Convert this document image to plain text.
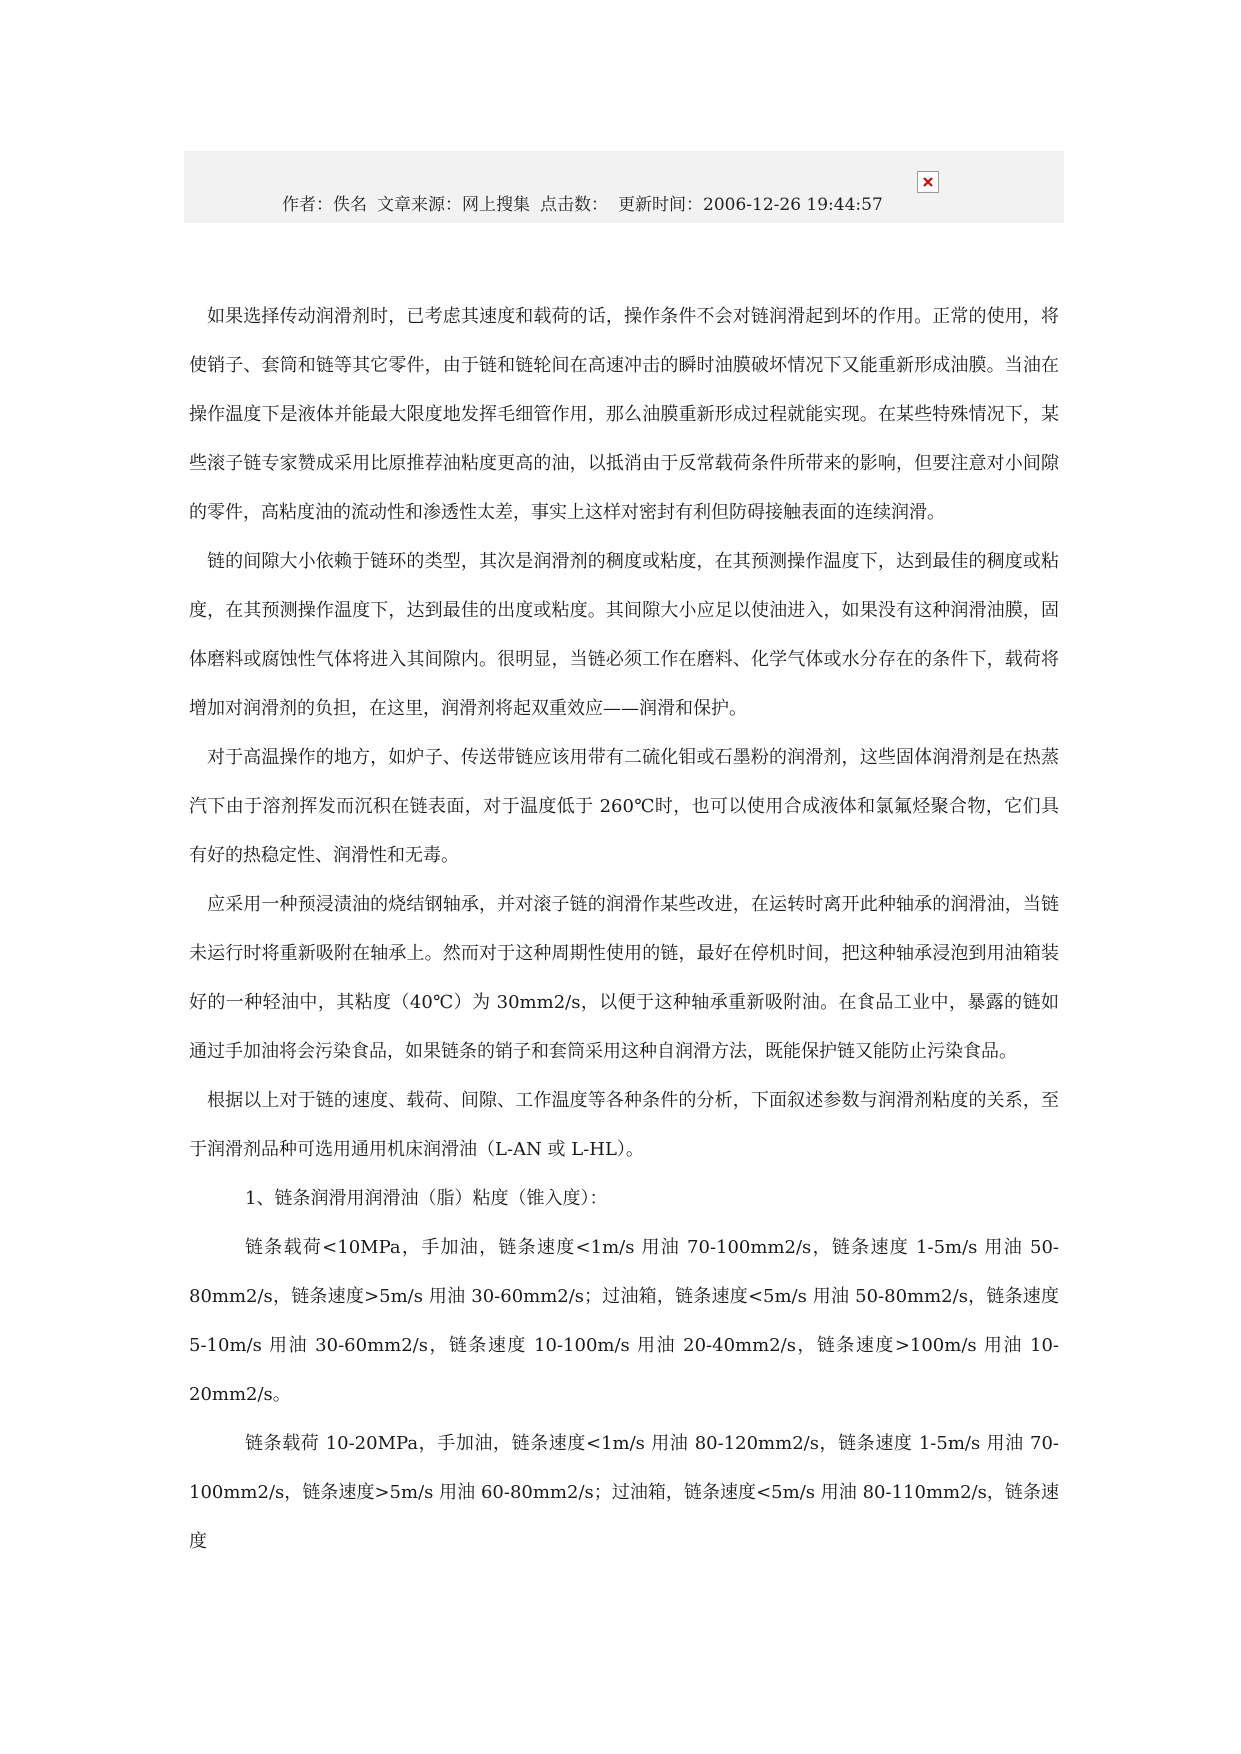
作者：佚名 文章来源：网上搜集 点击数： 更新时间：2006-12-26 19:44:57

如果选择传动润滑剂时，已考虑其速度和载荷的话，操作条件不会对链润滑起到坏的作用。正常的使用，将使销子、套筒和链等其它零件，由于链和链轮间在高速冲击的瞬时油膜破坏情况下又能重新形成油膜。当油在操作温度下是液体并能最大限度地发挥毛细管作用，那么油膜重新形成过程就能实现。在某些特殊情况下，某些滚子链专家赞成采用比原推荐油粘度更高的油，以抵消由于反常载荷条件所带来的影响，但要注意对小间隙的零件，高粘度油的流动性和渗透性太差，事实上这样对密封有利但防碍接触表面的连续润滑。

链的间隙大小依赖于链环的类型，其次是润滑剂的稠度或粘度，在其预测操作温度下，达到最佳的稠度或粘度，在其预测操作温度下，达到最佳的出度或粘度。其间隙大小应足以使油进入，如果没有这种润滑油膜，固体磨料或腐蚀性气体将进入其间隙内。很明显，当链必须工作在磨料、化学气体或水分存在的条件下，载荷将增加对润滑剂的负担，在这里，润滑剂将起双重效应——润滑和保护。

对于高温操作的地方，如炉子、传送带链应该用带有二硫化钼或石墨粉的润滑剂，这些固体润滑剂是在热蒸汽下由于溶剂挥发而沉积在链表面，对于温度低于 260℃时，也可以使用合成液体和氯氟烃聚合物，它们具有好的热稳定性、润滑性和无毒。

应采用一种预浸渍油的烧结钢轴承，并对滚子链的润滑作某些改进，在运转时离开此种轴承的润滑油，当链未运行时将重新吸附在轴承上。然而对于这种周期性使用的链，最好在停机时间，把这种轴承浸泡到用油箱装好的一种轻油中，其粘度（40℃）为 30mm2/s，以便于这种轴承重新吸附油。在食品工业中，暴露的链如通过手加油将会污染食品，如果链条的销子和套筒采用这种自润滑方法，既能保护链又能防止污染食品。

根据以上对于链的速度、载荷、间隙、工作温度等各种条件的分析，下面叙述参数与润滑剂粘度的关系，至于润滑剂品种可选用通用机床润滑油（L-AN 或 L-HL）。

1、链条润滑用润滑油（脂）粘度（锥入度）：

链条载荷<10MPa，手加油，链条速度<1m/s 用油 70-100mm2/s，链条速度 1-5m/s 用油 50-80mm2/s，链条速度>5m/s 用油 30-60mm2/s；过油箱，链条速度<5m/s 用油 50-80mm2/s，链条速度 5-10m/s 用油 30-60mm2/s，链条速度 10-100m/s 用油 20-40mm2/s，链条速度>100m/s 用油 10-20mm2/s。

链条载荷 10-20MPa，手加油，链条速度<1m/s 用油 80-120mm2/s，链条速度 1-5m/s 用油 70-100mm2/s，链条速度>5m/s 用油 60-80mm2/s；过油箱，链条速度<5m/s 用油 80-110mm2/s，链条速度
